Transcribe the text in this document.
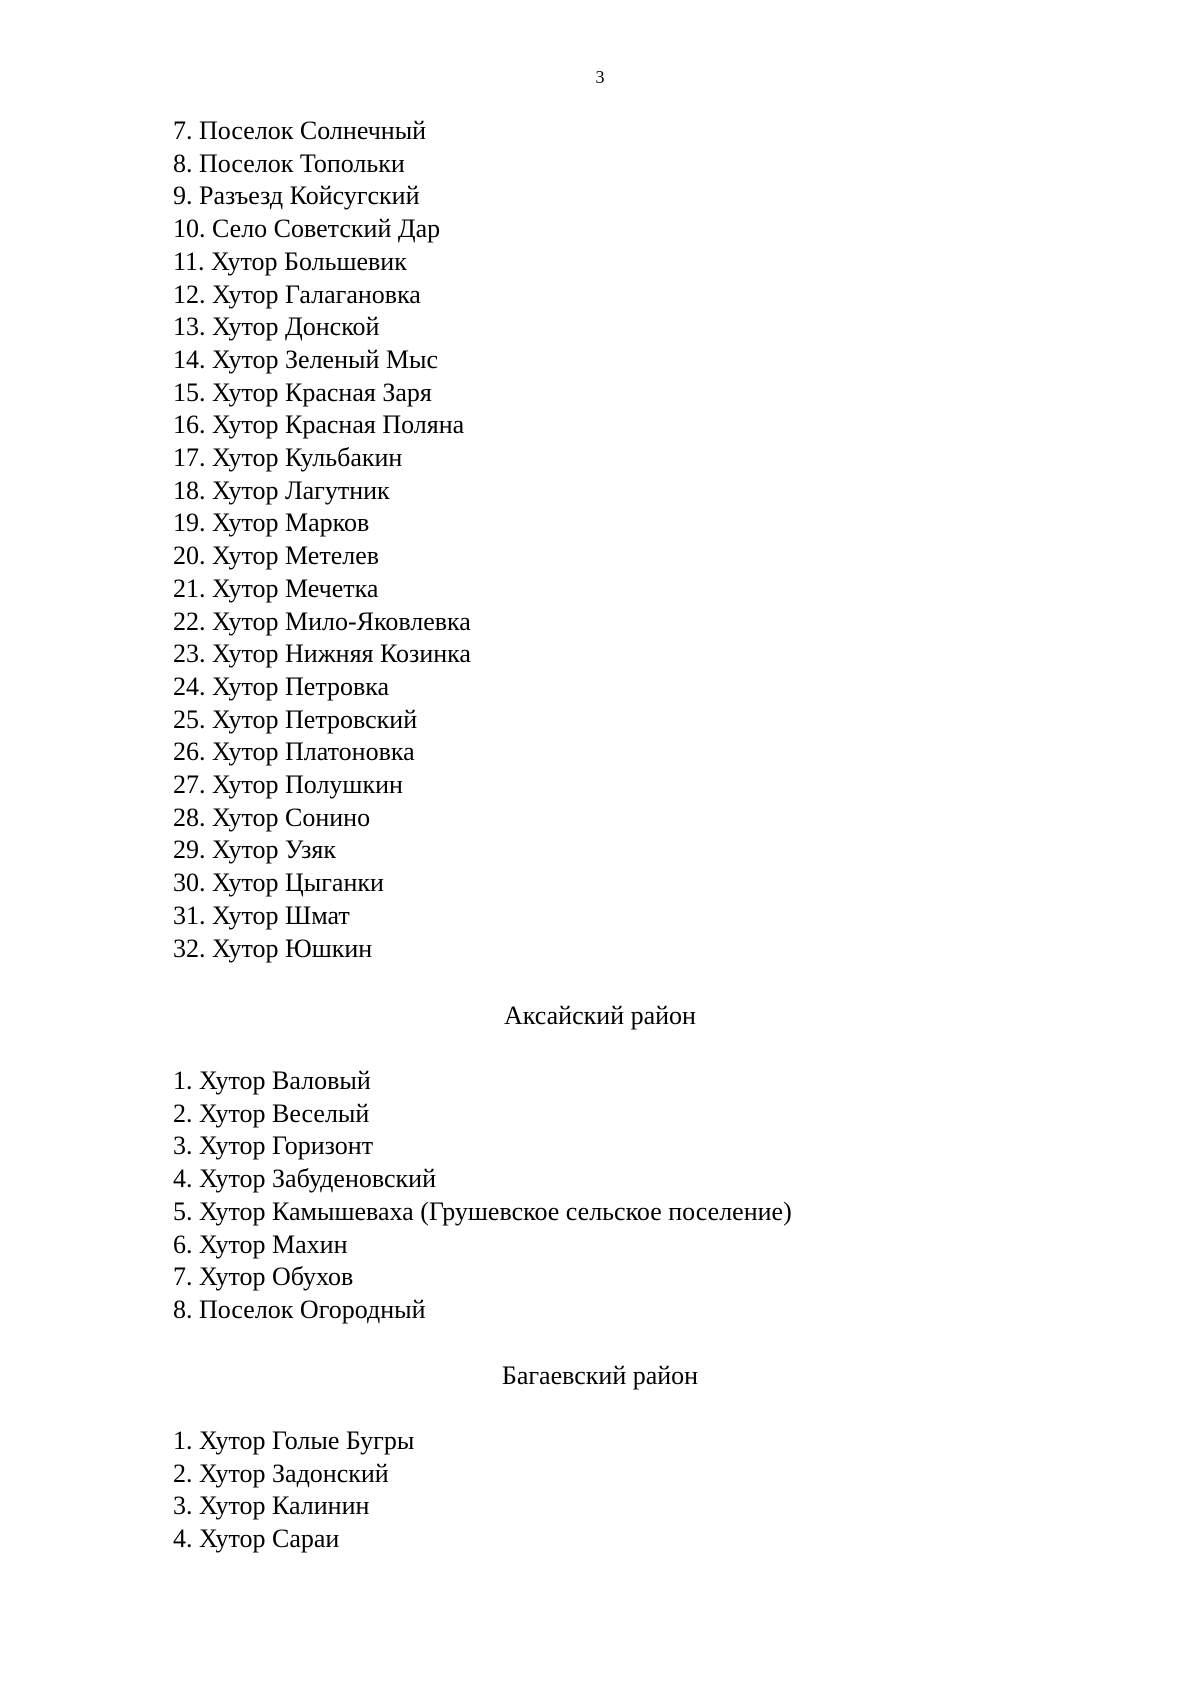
3
7. Поселок Солнечный
8. Поселок Топольки
9. Разъезд Койсугский
10. Село Советский Дар
11. Хутор Большевик
12. Хутор Галагановка
13. Хутор Донской
14. Хутор Зеленый Мыс
15. Хутор Красная Заря
16. Хутор Красная Поляна
17. Хутор Кульбакин
18. Хутор Лагутник
19. Хутор Марков
20. Хутор Метелев
21. Хутор Мечетка
22. Хутор Мило-Яковлевка
23. Хутор Нижняя Козинка
24. Хутор Петровка
25. Хутор Петровский
26. Хутор Платоновка
27. Хутор Полушкин
28. Хутор Сонино
29. Хутор Узяк
30. Хутор Цыганки
31. Хутор Шмат
32. Хутор Юшкин
Аксайский район
1. Хутор Валовый
2. Хутор Веселый
3. Хутор Горизонт
4. Хутор Забуденовский
5. Хутор Камышеваха (Грушевское сельское поселение)
6. Хутор Махин
7. Хутор Обухов
8. Поселок Огородный
Багаевский район
1. Хутор Голые Бугры
2. Хутор Задонский
3. Хутор Калинин
4. Хутор Сараи
